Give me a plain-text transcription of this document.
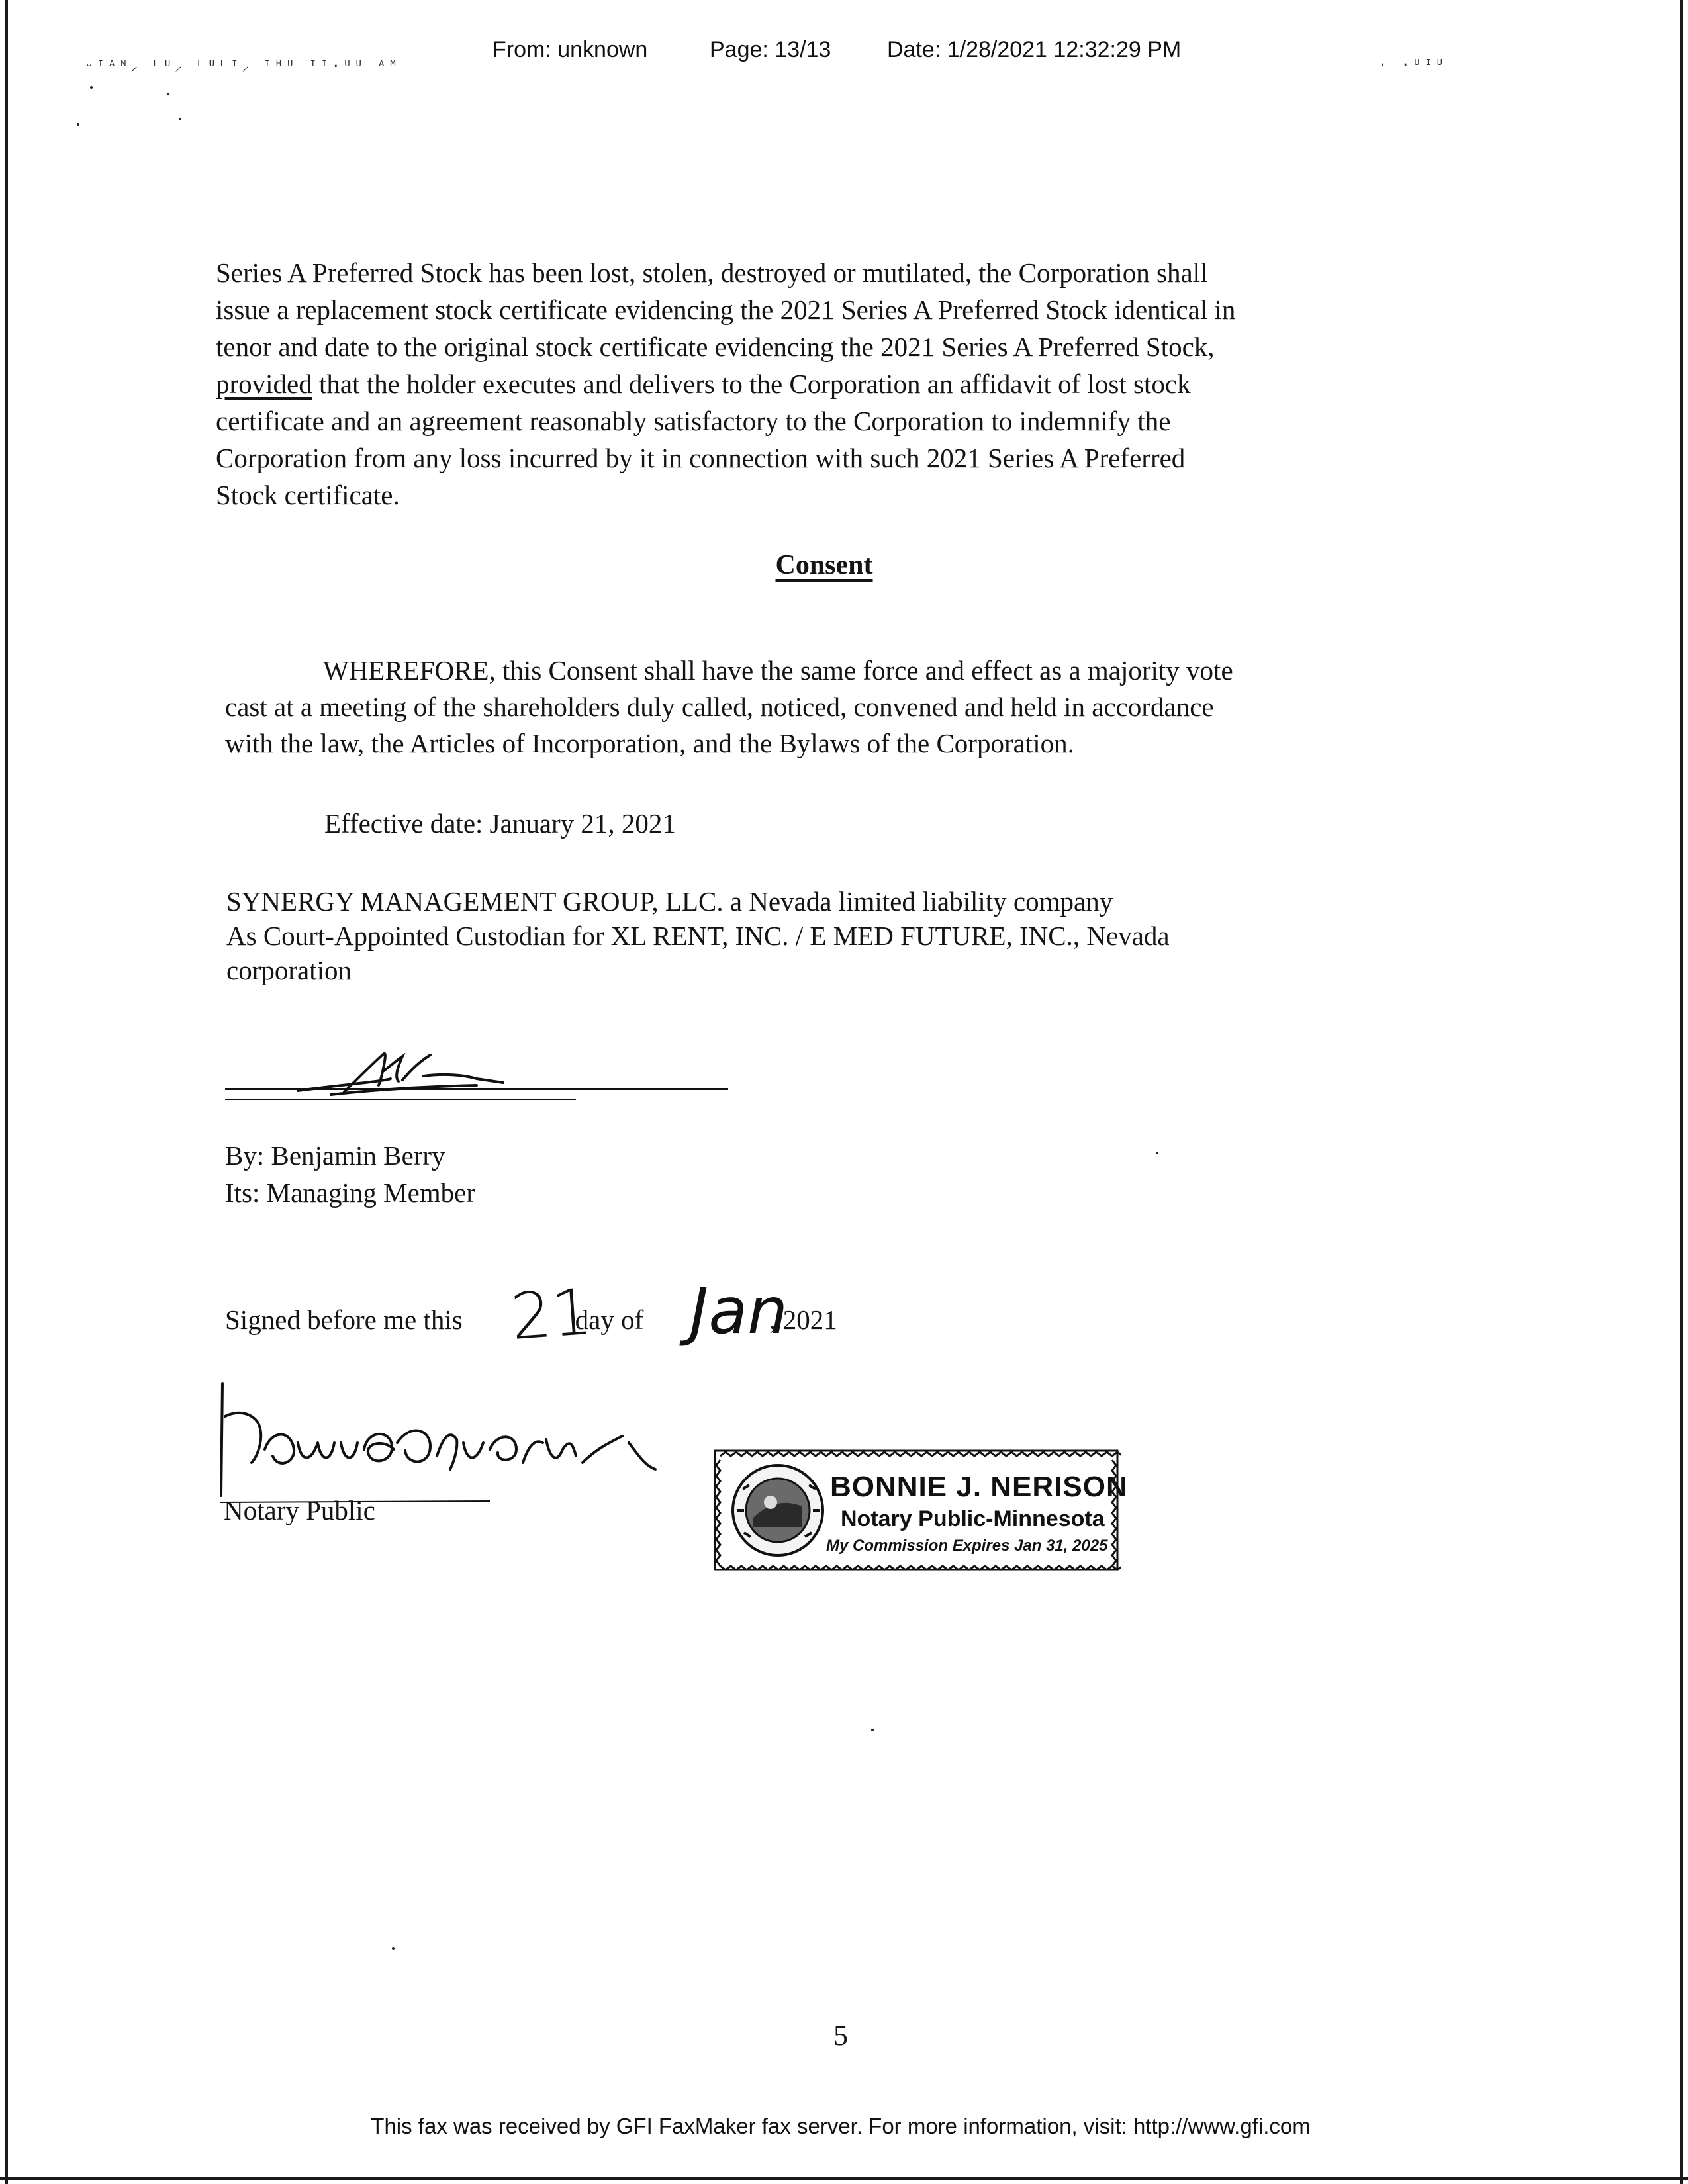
From: unknown	Page: 13/13 Date: 1/28/2021 12:32:29 PM
ᵕᴵᴬᴺ⸝ ᴸᵁ⸝ ᴸᵁᴸᴵ⸝ ᴵᴴᵁ ᴵᴵ·ᵁᵁ ᴬᴹ	· ·ᵁᴵᵁ
Series A Preferred Stock has been lost, stolen, destroyed or mutilated, the Corporation shall
issue a replacement stock certificate evidencing the 2021 Series A Preferred Stock identical in
tenor and date to the original stock certificate evidencing the 2021 Series A Preferred Stock,
provided that the holder executes and delivers to the Corporation an affidavit of lost stock
certificate and an agreement reasonably satisfactory to the Corporation to indemnify the
Corporation from any loss incurred by it in connection with such 2021 Series A Preferred
Stock certificate.
Consent
WHEREFORE, this Consent shall have the same force and effect as a majority vote
cast at a meeting of the shareholders duly called, noticed, convened and held in accordance
with the law, the Articles of Incorporation, and the Bylaws of the Corporation.
Effective date: January 21, 2021
SYNERGY MANAGEMENT GROUP, LLC. a Nevada limited liability company
As Court-Appointed Custodian for XL RENT, INC. / E MED FUTURE, INC., Nevada
corporation
By: Benjamin Berry
Its: Managing Member
Signed before me this	day of	, 2021
21 Jan
Notary Public
BONNIE J. NERISON
Notary Public-Minnesota
My Commission Expires Jan 31, 2025
5
This fax was received by GFI FaxMaker fax server. For more information, visit: http://www.gfi.com
